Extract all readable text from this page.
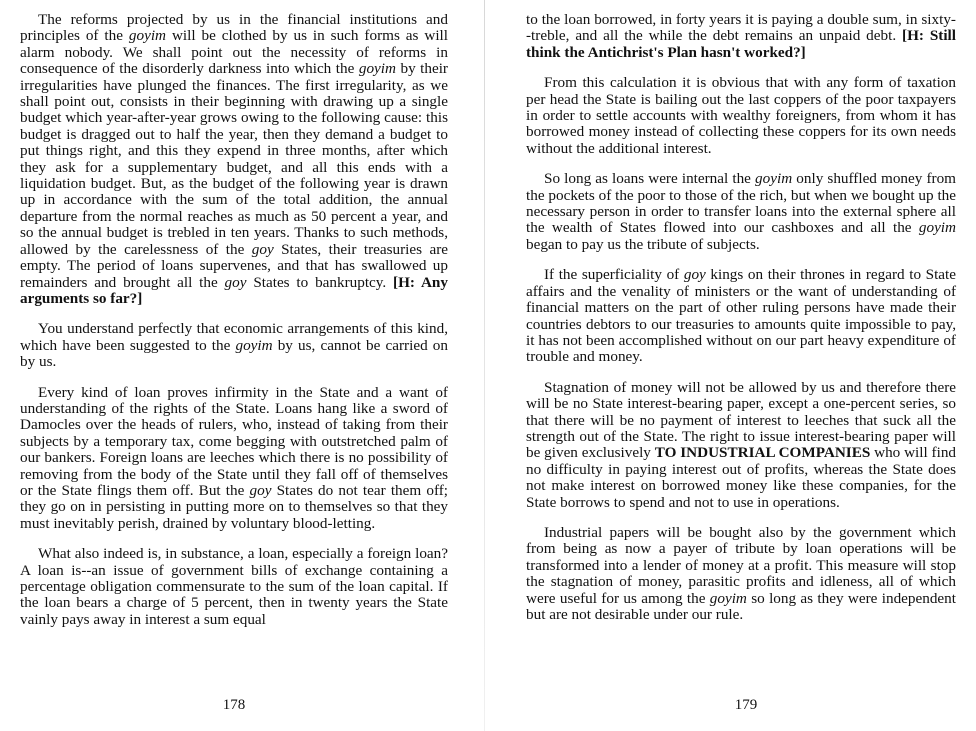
The reforms projected by us in the financial institutions and principles of the goyim will be clothed by us in such forms as will alarm nobody. We shall point out the necessity of reforms in consequence of the disorderly darkness into which the goyim by their irregularities have plunged the finances. The first irregularity, as we shall point out, consists in their beginning with drawing up a single budget which year-after-year grows owing to the following cause: this budget is dragged out to half the year, then they demand a budget to put things right, and this they expend in three months, after which they ask for a supplementary budget, and all this ends with a liquidation budget. But, as the budget of the following year is drawn up in accordance with the sum of the total addition, the annual departure from the normal reaches as much as 50 percent a year, and so the annual budget is trebled in ten years. Thanks to such methods, allowed by the carelessness of the goy States, their treasuries are empty. The period of loans supervenes, and that has swallowed up remainders and brought all the goy States to bankruptcy. [H: Any arguments so far?]

You understand perfectly that economic arrangements of this kind, which have been suggested to the goyim by us, cannot be carried on by us.

Every kind of loan proves infirmity in the State and a want of understanding of the rights of the State. Loans hang like a sword of Damocles over the heads of rulers, who, instead of taking from their subjects by a temporary tax, come begging with outstretched palm of our bankers. Foreign loans are leeches which there is no possibility of removing from the body of the State until they fall off of themselves or the State flings them off. But the goy States do not tear them off; they go on in persisting in putting more on to themselves so that they must inevitably perish, drained by voluntary blood-letting.

What also indeed is, in substance, a loan, especially a foreign loan? A loan is--an issue of government bills of exchange containing a percentage obligation commensurate to the sum of the loan capital. If the loan bears a charge of 5 percent, then in twenty years the State vainly pays away in interest a sum equal

to the loan borrowed, in forty years it is paying a double sum, in sixty--treble, and all the while the debt remains an unpaid debt. [H: Still think the Antichrist's Plan hasn't worked?]

From this calculation it is obvious that with any form of taxation per head the State is bailing out the last coppers of the poor taxpayers in order to settle accounts with wealthy foreigners, from whom it has borrowed money instead of collecting these coppers for its own needs without the additional interest.

So long as loans were internal the goyim only shuffled money from the pockets of the poor to those of the rich, but when we bought up the necessary person in order to transfer loans into the external sphere all the wealth of States flowed into our cashboxes and all the goyim began to pay us the tribute of subjects.

If the superficiality of goy kings on their thrones in regard to State affairs and the venality of ministers or the want of understanding of financial matters on the part of other ruling persons have made their countries debtors to our treasuries to amounts quite impossible to pay, it has not been accomplished without on our part heavy expenditure of trouble and money.

Stagnation of money will not be allowed by us and therefore there will be no State interest-bearing paper, except a one-percent series, so that there will be no payment of interest to leeches that suck all the strength out of the State. The right to issue interest-bearing paper will be given exclusively TO INDUSTRIAL COMPANIES who will find no difficulty in paying interest out of profits, whereas the State does not make interest on borrowed money like these companies, for the State borrows to spend and not to use in operations.

Industrial papers will be bought also by the government which from being as now a payer of tribute by loan operations will be transformed into a lender of money at a profit. This measure will stop the stagnation of money, parasitic profits and idleness, all of which were useful for us among the goyim so long as they were independent but are not desirable under our rule.

178	179
